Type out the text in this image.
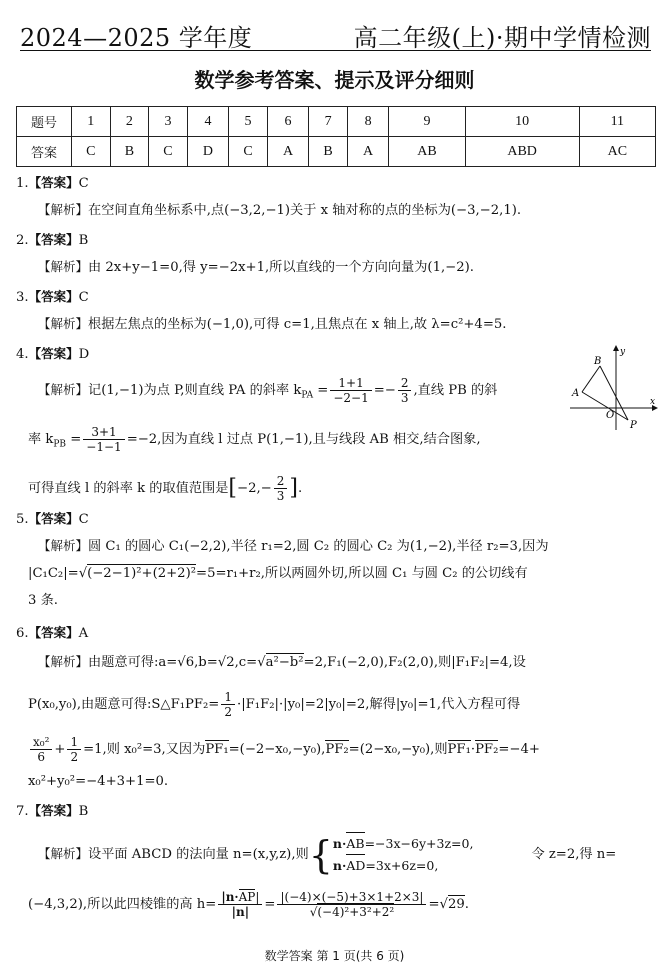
2024—2025 学年度	高二年级(上)·期中学情检测
数学参考答案、提示及评分细则
题号	1	2	3	4	5	6	7	8	9	10	11
答案	C	B	C	D	C	A	B	A	AB	ABD	AC
1.【答案】C
【解析】在空间直角坐标系中,点(−3,2,−1)关于 x 轴对称的点的坐标为(−3,−2,1).
2.【答案】B
【解析】由 2x+y−1=0,得 y=−2x+1,所以直线的一个方向向量为(1,−2).
3.【答案】C
【解析】根据左焦点的坐标为(−1,0),可得 c=1,且焦点在 x 轴上,故 λ=c²+4=5.
4.【答案】D
【解析】记(1,−1)为点 P,则直线 PA 的斜率 $k_{PA} = \frac{1+1}{-2-1} =- \frac{2}{3}$ ,直线 PB 的斜
率 $k_{PB} = \frac{3+1}{-1-1} =-2$,因为直线 l 过点 P(1,−1),且与线段 AB 相交,结合图象,
可得直线 l 的斜率 k 的取值范围是[$-2,- \frac{2}{3}$ ].
B
A
O
P
y
x
5.【答案】C
【解析】圆 C₁ 的圆心 C₁(−2,2),半径 r₁=2,圆 C₂ 的圆心 C₂ 为(1,−2),半径 r₂=3,因为
|C₁C₂|=√(−2−1)²+(2+2)²=5=r₁+r₂,所以两圆外切,所以圆 C₁ 与圆 C₂ 的公切线有
3 条.
6.【答案】A
【解析】由题意可得:a=√6,b=√2,c=√a²−b²=2,F₁(−2,0),F₂(2,0),则|F₁F₂|=4,设
P(x₀,y₀),由题意可得:S△F₁PF₂= $\frac{1}{2} \cdot|F_1F_2|\cdot|y_0|=2|y_0|=2$,解得|y₀|=1,代入方程可得
$\frac{\text{x₀²}}{6} + \frac{1}{2} =1$,则 x₀²=3,又因为PF₁=(−2−x₀,−y₀),PF₂=(2−x₀,−y₀),则PF₁·PF₂=−4+
x₀²+y₀²=−4+3+1=0.
7.【答案】B
【解析】设平面 ABCD 的法向量 n=(x,y,z),则{ n·AB=−3x−6y+3z=0,
n·AD=3x+6z=0,
令 z=2,得 n=
(−4,3,2),所以此四棱锥的高 $h= \frac{|n\cdot AP|}{|n|} = \frac{|(-4)\times(-5)+3\times 1+2\times 3|}{\text{√(−4)²+3²+2²}} =√29$.
数学答案 第 1 页(共 6 页)
